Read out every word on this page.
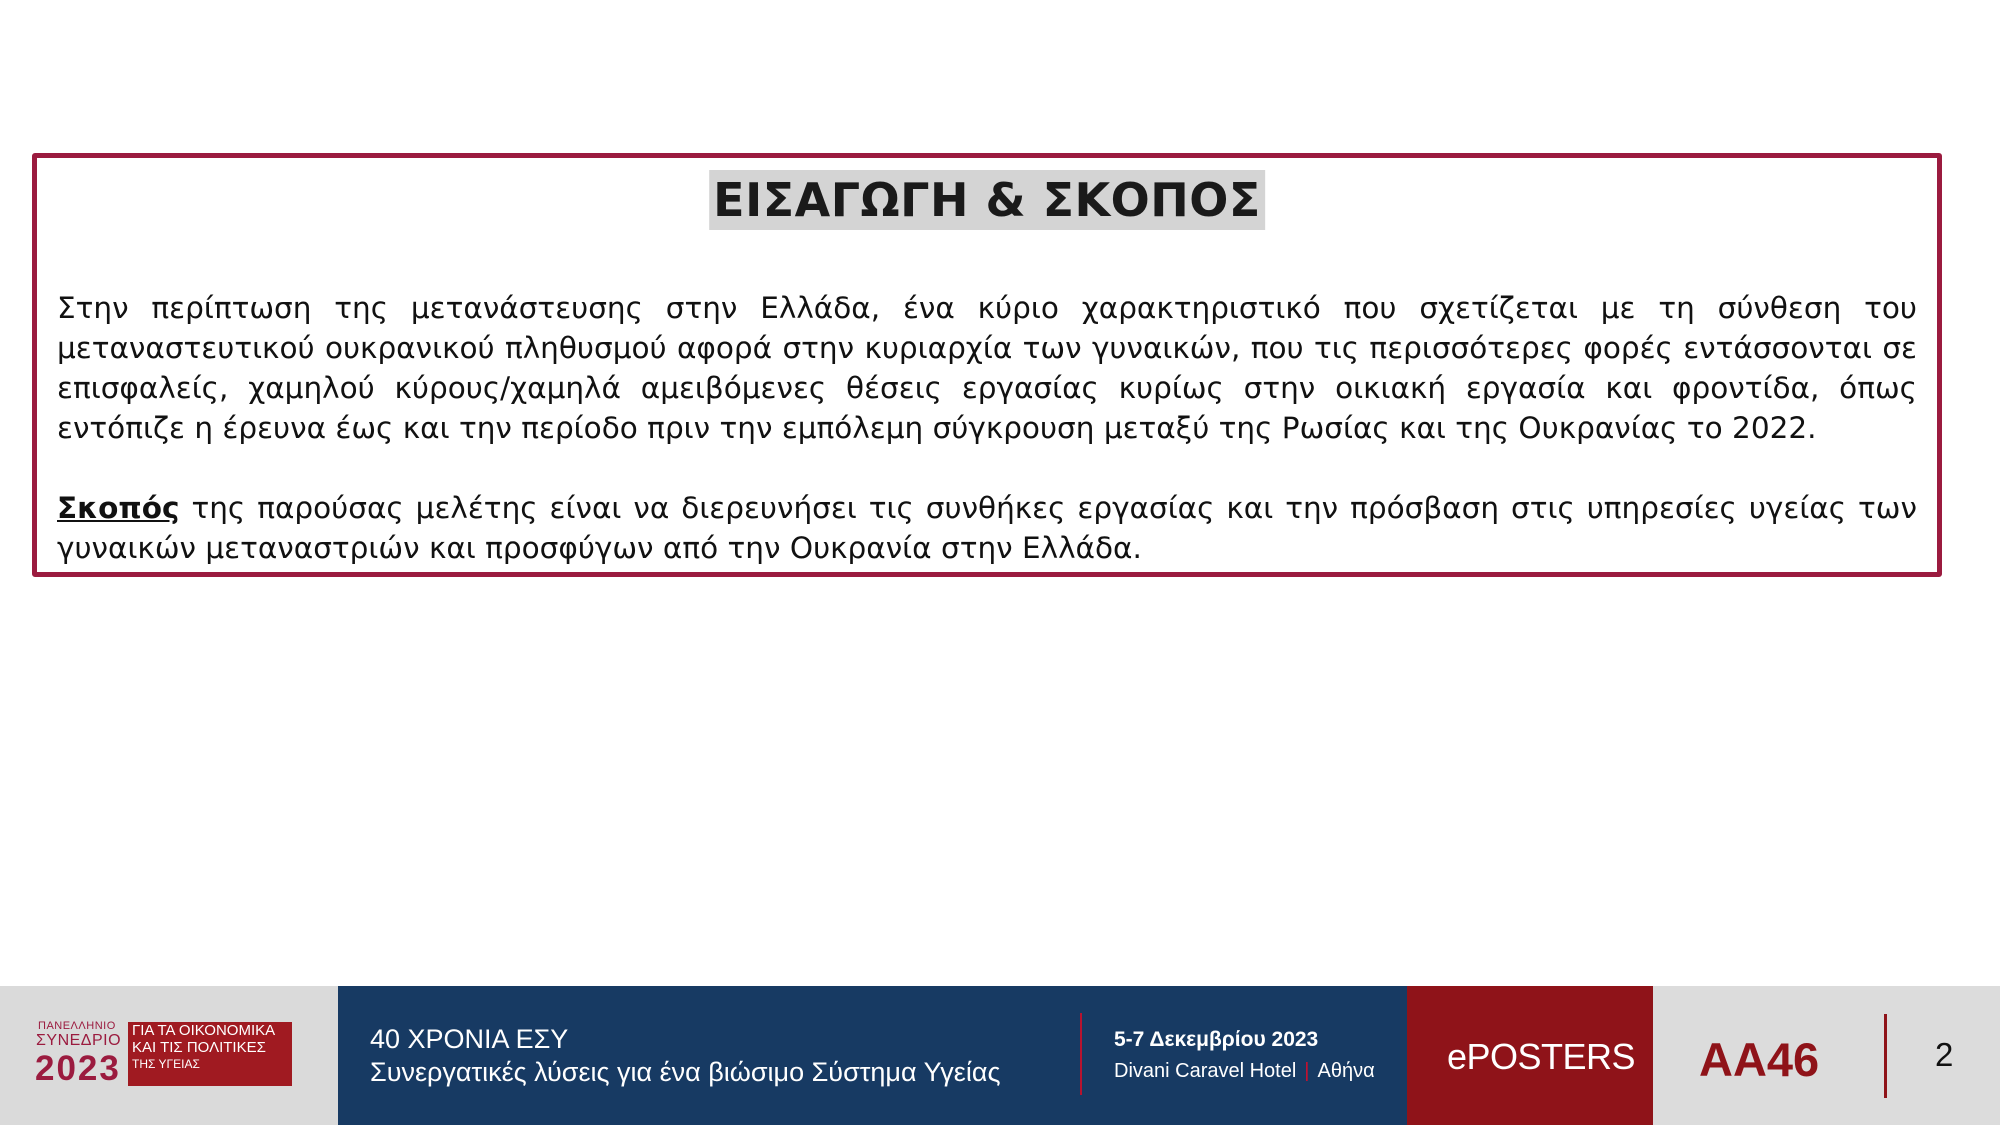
ΕΙΣΑΓΩΓΗ & ΣΚΟΠΟΣ

Στην περίπτωση της μετανάστευσης στην Ελλάδα, ένα κύριο χαρακτηριστικό που σχετίζεται με τη σύνθεση του μεταναστευτικού ουκρανικού πληθυσμού αφορά στην κυριαρχία των γυναικών, που τις περισσότερες φορές εντάσσονται σε επισφαλείς, χαμηλού κύρους/χαμηλά αμειβόμενες θέσεις εργασίας κυρίως στην οικιακή εργασία και φροντίδα, όπως εντόπιζε η έρευνα έως και την περίοδο πριν την εμπόλεμη σύγκρουση μεταξύ της Ρωσίας και της Ουκρανίας το 2022.

Σκοπός της παρούσας μελέτης είναι να διερευνήσει τις συνθήκες εργασίας και την πρόσβαση στις υπηρεσίες υγείας των γυναικών μεταναστριών και προσφύγων από την Ουκρανία στην Ελλάδα.

ΠΑΝΕΛΛΗΝΙΟ
ΣΥΝΕΔΡΙΟ
2023
ΓΙΑ ΤΑ ΟΙΚΟΝΟΜΙΚΑ
ΚΑΙ ΤΙΣ ΠΟΛΙΤΙΚΕΣ
ΤΗΣ ΥΓΕΙΑΣ
40 ΧΡΟΝΙΑ ΕΣΥ
Συνεργατικές λύσεις για ένα βιώσιμο Σύστημα Υγείας
5-7 Δεκεμβρίου 2023
Divani Caravel Hotel | Αθήνα ePOSTERS AA46	2
